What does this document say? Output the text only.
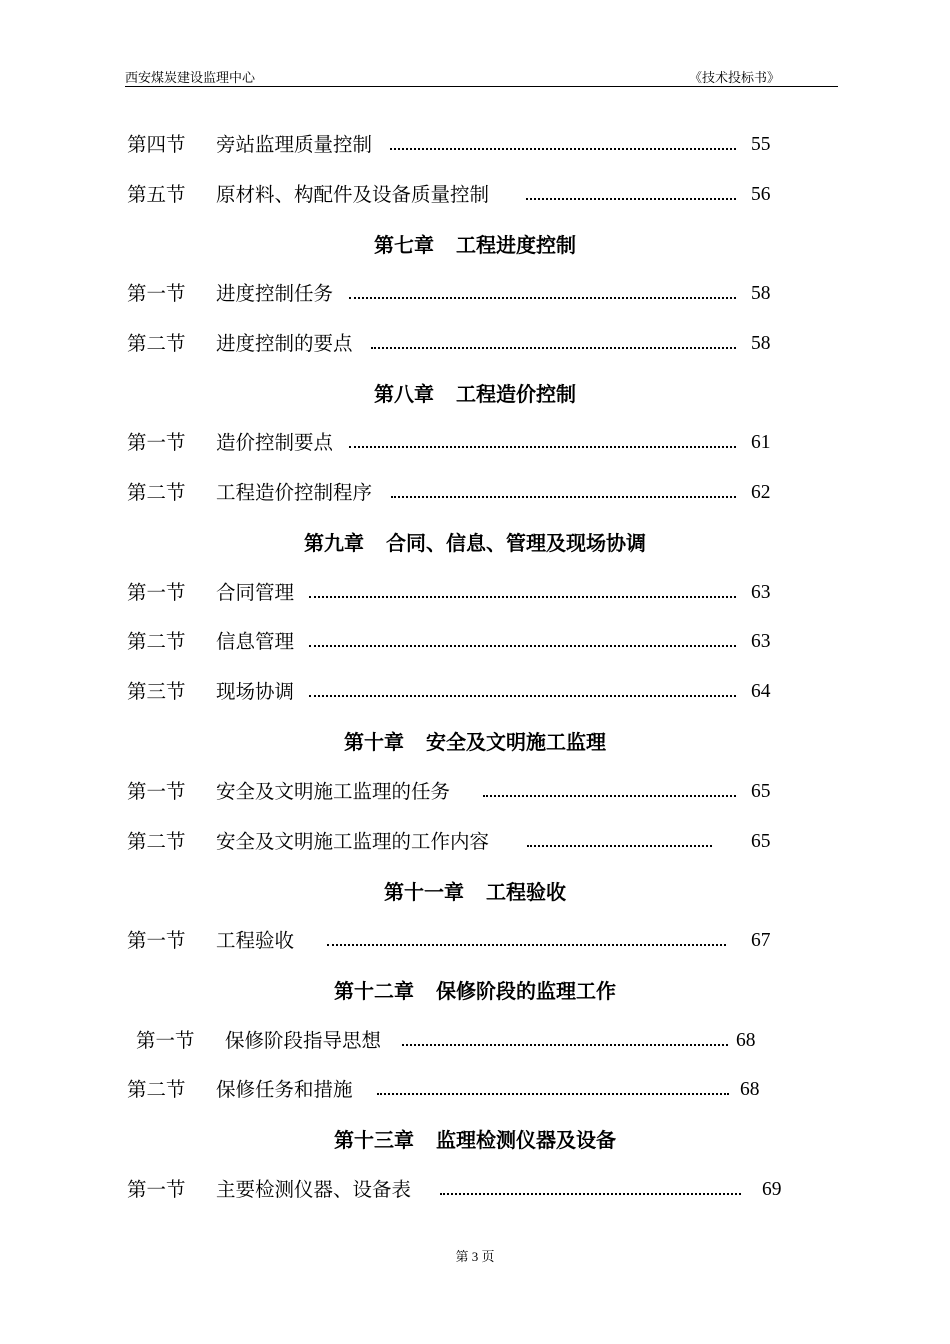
西安煤炭建设监理中心	《技术投标书》
第四节 旁站监理质量控制	55
第五节 原材料、构配件及设备质量控制	56
第七章 工程进度控制
第一节 进度控制任务	58
第二节 进度控制的要点	58
第八章 工程造价控制
第一节 造价控制要点	61
第二节 工程造价控制程序	62
第九章 合同、信息、管理及现场协调
第一节 合同管理	63
第二节 信息管理	63
第三节 现场协调	64
第十章 安全及文明施工监理
第一节 安全及文明施工监理的任务	65
第二节 安全及文明施工监理的工作内容	65
第十一章 工程验收
第一节 工程验收	67
第十二章 保修阶段的监理工作
第一节 保修阶段指导思想	68
第二节 保修任务和措施	68
第十三章 监理检测仪器及设备
第一节 主要检测仪器、设备表	69
第 3 页
